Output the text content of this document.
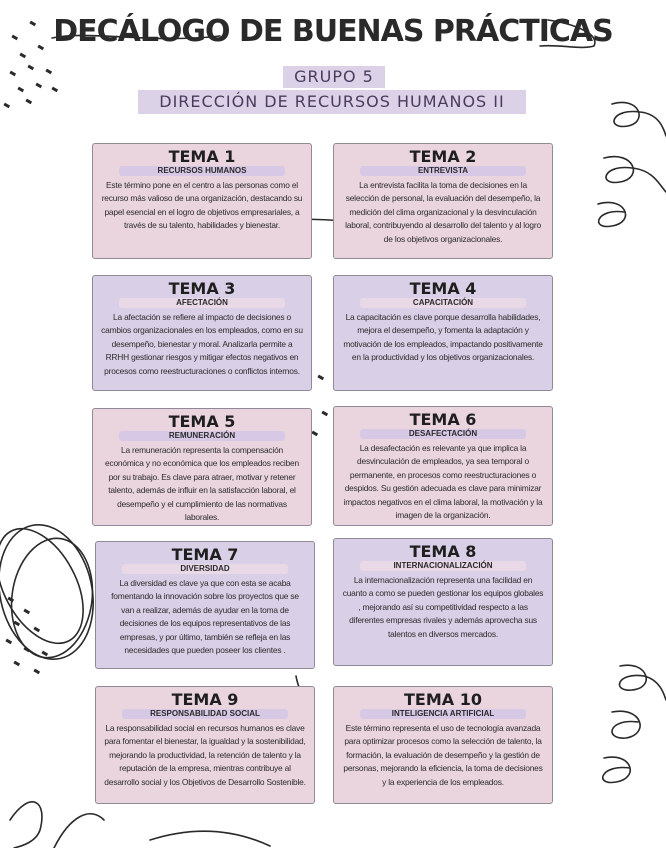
DECÁLOGO DE BUENAS PRÁCTICAS
GRUPO 5
DIRECCIÓN DE RECURSOS HUMANOS II
TEMA 1
RECURSOS HUMANOS

Este término pone en el centro a las personas como el recurso más valioso de una organización, destacando su papel esencial en el logro de objetivos empresariales, a través de su talento, habilidades y bienestar.

TEMA 2
ENTREVISTA

La entrevista facilita la toma de decisiones en la selección de personal, la evaluación del desempeño, la medición del clima organizacional y la desvinculación laboral, contribuyendo al desarrollo del talento y al logro de los objetivos organizacionales.

TEMA 3
AFECTACIÓN

La afectación se refiere al impacto de decisiones o cambios organizacionales en los empleados, como en su desempeño, bienestar y moral. Analizarla permite a RRHH gestionar riesgos y mitigar efectos negativos en procesos como reestructuraciones o conflictos internos.

TEMA 4
CAPACITACIÓN

La capacitación es clave porque desarrolla habilidades, mejora el desempeño, y fomenta la adaptación y motivación de los empleados, impactando positivamente en la productividad y los objetivos organizacionales.

TEMA 5
REMUNERACIÓN

La remuneración representa la compensación económica y no económica que los empleados reciben por su trabajo. Es clave para atraer, motivar y retener talento, además de influir en la satisfacción laboral, el desempeño y el cumplimiento de las normativas laborales.

TEMA 6
DESAFECTACIÓN

La desafectación es relevante ya que implica la desvinculación de empleados, ya sea temporal o permanente, en procesos como reestructuraciones o despidos. Su gestión adecuada es clave para minimizar impactos negativos en el clima laboral, la motivación y la imagen de la organización.

TEMA 7
DIVERSIDAD

La diversidad es clave ya que con esta se acaba fomentando la innovación sobre los proyectos que se van a realizar, además de ayudar en la toma de decisiones de los equipos representativos de las empresas, y por último, también se refleja en las necesidades que pueden poseer los clientes .

TEMA 8
INTERNACIONALIZACIÓN

La internacionalización representa una facilidad en cuanto a como se pueden gestionar los equipos globales , mejorando así su competitividad respecto a las diferentes empresas rivales y además aprovecha sus talentos en diversos mercados.

TEMA 9
RESPONSABILIDAD SOCIAL

La responsabilidad social en recursos humanos es clave para fomentar el bienestar, la igualdad y la sostenibilidad, mejorando la productividad, la retención de talento y la reputación de la empresa, mientras contribuye al desarrollo social y los Objetivos de Desarrollo Sostenible.

TEMA 10
INTELIGENCIA ARTIFICIAL

Este término representa el uso de tecnología avanzada para optimizar procesos como la selección de talento, la formación, la evaluación de desempeño y la gestión de personas, mejorando la eficiencia, la toma de decisiones y la experiencia de los empleados.
